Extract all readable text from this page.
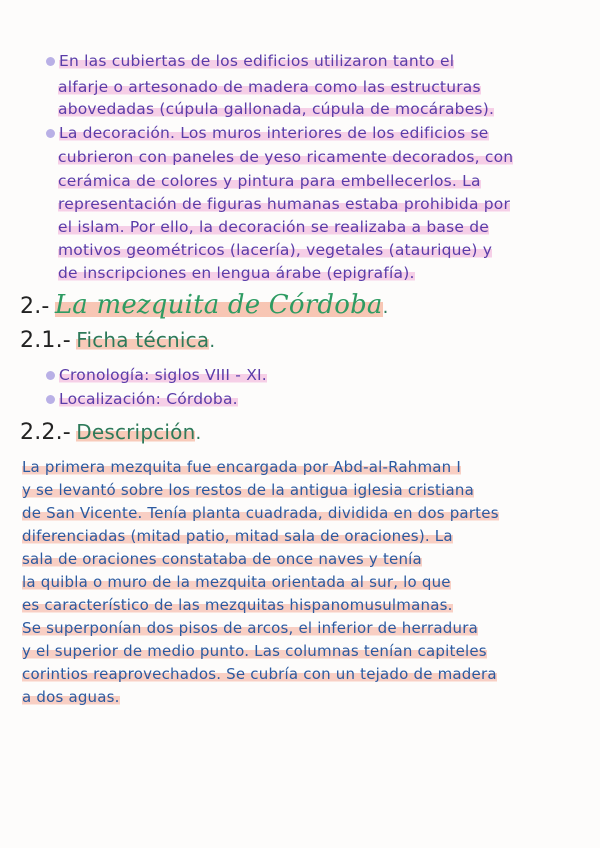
En las cubiertas de los edificios utilizaron tanto el
alfarje o artesonado de madera como las estructuras
abovedadas (cúpula gallonada, cúpula de mocárabes).
La decoración. Los muros interiores de los edificios se
cubrieron con paneles de yeso ricamente decorados, con
cerámica de colores y pintura para embellecerlos. La
representación de figuras humanas estaba prohibida por
el islam. Por ello, la decoración se realizaba a base de
motivos geométricos (lacería), vegetales (ataurique) y
de inscripciones en lengua árabe (epigrafía).
2.- La mezquita de Córdoba.
2.1.- Ficha técnica.
Cronología: siglos VIII - XI.
Localización: Córdoba.
2.2.- Descripción.
La primera mezquita fue encargada por Abd-al-Rahman I
y se levantó sobre los restos de la antigua iglesia cristiana
de San Vicente. Tenía planta cuadrada, dividida en dos partes
diferenciadas (mitad patio, mitad sala de oraciones). La
sala de oraciones constataba de once naves y tenía
la quibla o muro de la mezquita orientada al sur, lo que
es característico de las mezquitas hispanomusulmanas.
Se superponían dos pisos de arcos, el inferior de herradura
y el superior de medio punto. Las columnas tenían capiteles
corintios reaprovechados. Se cubría con un tejado de madera
a dos aguas.
